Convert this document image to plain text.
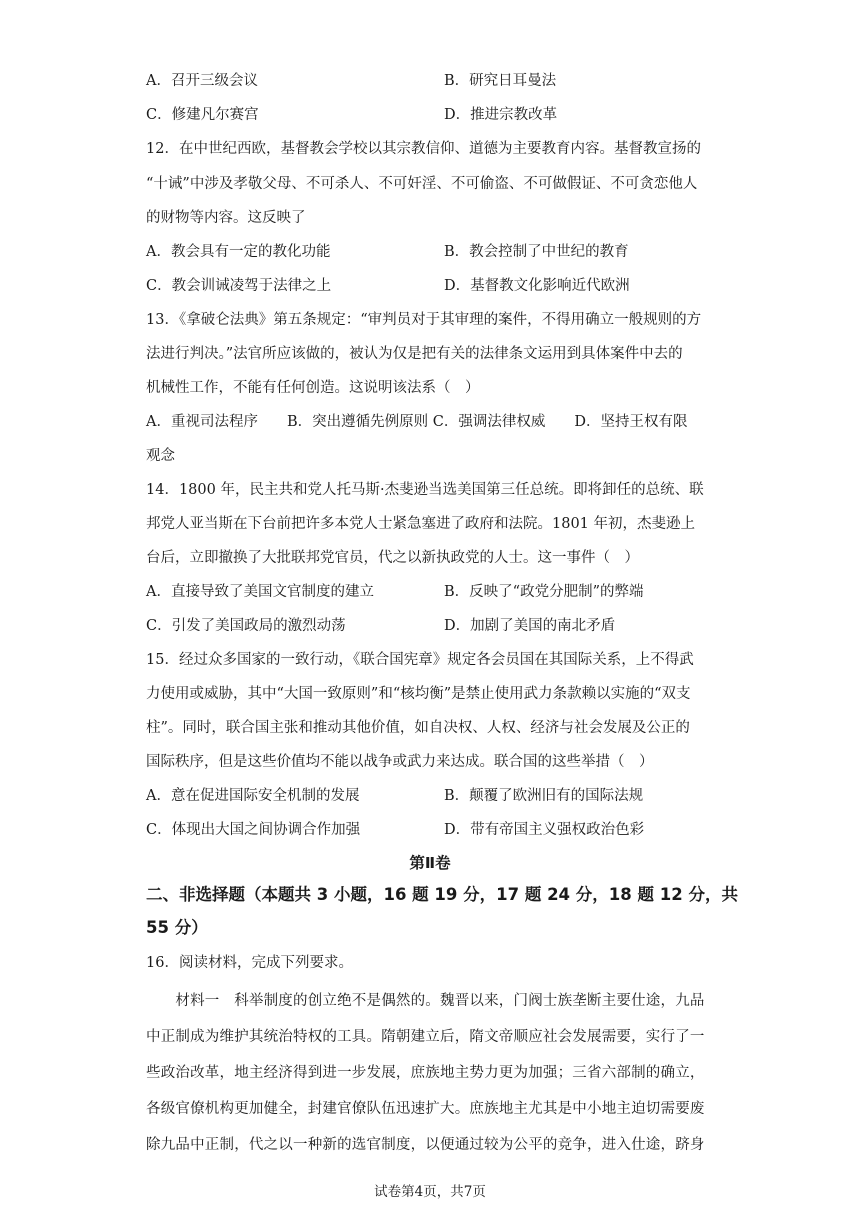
A．召开三级会议	B．研究日耳曼法
C．修建凡尔赛宫	D．推进宗教改革
12．在中世纪西欧，基督教会学校以其宗教信仰、道德为主要教育内容。基督教宣扬的
“十诫”中涉及孝敬父母、不可杀人、不可奸淫、不可偷盗、不可做假证、不可贪恋他人
的财物等内容。这反映了
A．教会具有一定的教化功能	B．教会控制了中世纪的教育
C．教会训诫凌驾于法律之上	D．基督教文化影响近代欧洲
13．《拿破仑法典》第五条规定：“审判员对于其审理的案件，不得用确立一般规则的方
法进行判决。”法官所应该做的，被认为仅是把有关的法律条文运用到具体案件中去的
机械性工作，不能有任何创造。这说明该法系（　）
A．重视司法程序　　B．突出遵循先例原则 C．强调法律权威　　D．坚持王权有限
观念
14．1800 年，民主共和党人托马斯·杰斐逊当选美国第三任总统。即将卸任的总统、联
邦党人亚当斯在下台前把许多本党人士紧急塞进了政府和法院。1801 年初，杰斐逊上
台后，立即撤换了大批联邦党官员，代之以新执政党的人士。这一事件（　）
A．直接导致了美国文官制度的建立	B．反映了“政党分肥制”的弊端
C．引发了美国政局的激烈动荡	D．加剧了美国的南北矛盾
15．经过众多国家的一致行动，《联合国宪章》规定各会员国在其国际关系，上不得武
力使用或威胁，其中“大国一致原则”和“核均衡”是禁止使用武力条款赖以实施的“双支
柱”。同时，联合国主张和推动其他价值，如自决权、人权、经济与社会发展及公正的
国际秩序，但是这些价值均不能以战争或武力来达成。联合国的这些举措（　）
A．意在促进国际安全机制的发展	B．颠覆了欧洲旧有的国际法规
C．体现出大国之间协调合作加强	D．带有帝国主义强权政治色彩
第Ⅱ卷
二、非选择题（本题共 3 小题，16 题 19 分，17 题 24 分，18 题 12 分，共
55 分）
16．阅读材料，完成下列要求。
　　材料一　科举制度的创立绝不是偶然的。魏晋以来，门阀士族垄断主要仕途，九品
中正制成为维护其统治特权的工具。隋朝建立后，隋文帝顺应社会发展需要，实行了一
些政治改革，地主经济得到进一步发展，庶族地主势力更为加强；三省六部制的确立，
各级官僚机构更加健全，封建官僚队伍迅速扩大。庶族地主尤其是中小地主迫切需要废
除九品中正制，代之以一种新的选官制度，以便通过较为公平的竞争，进入仕途，跻身
试卷第4页，共7页
